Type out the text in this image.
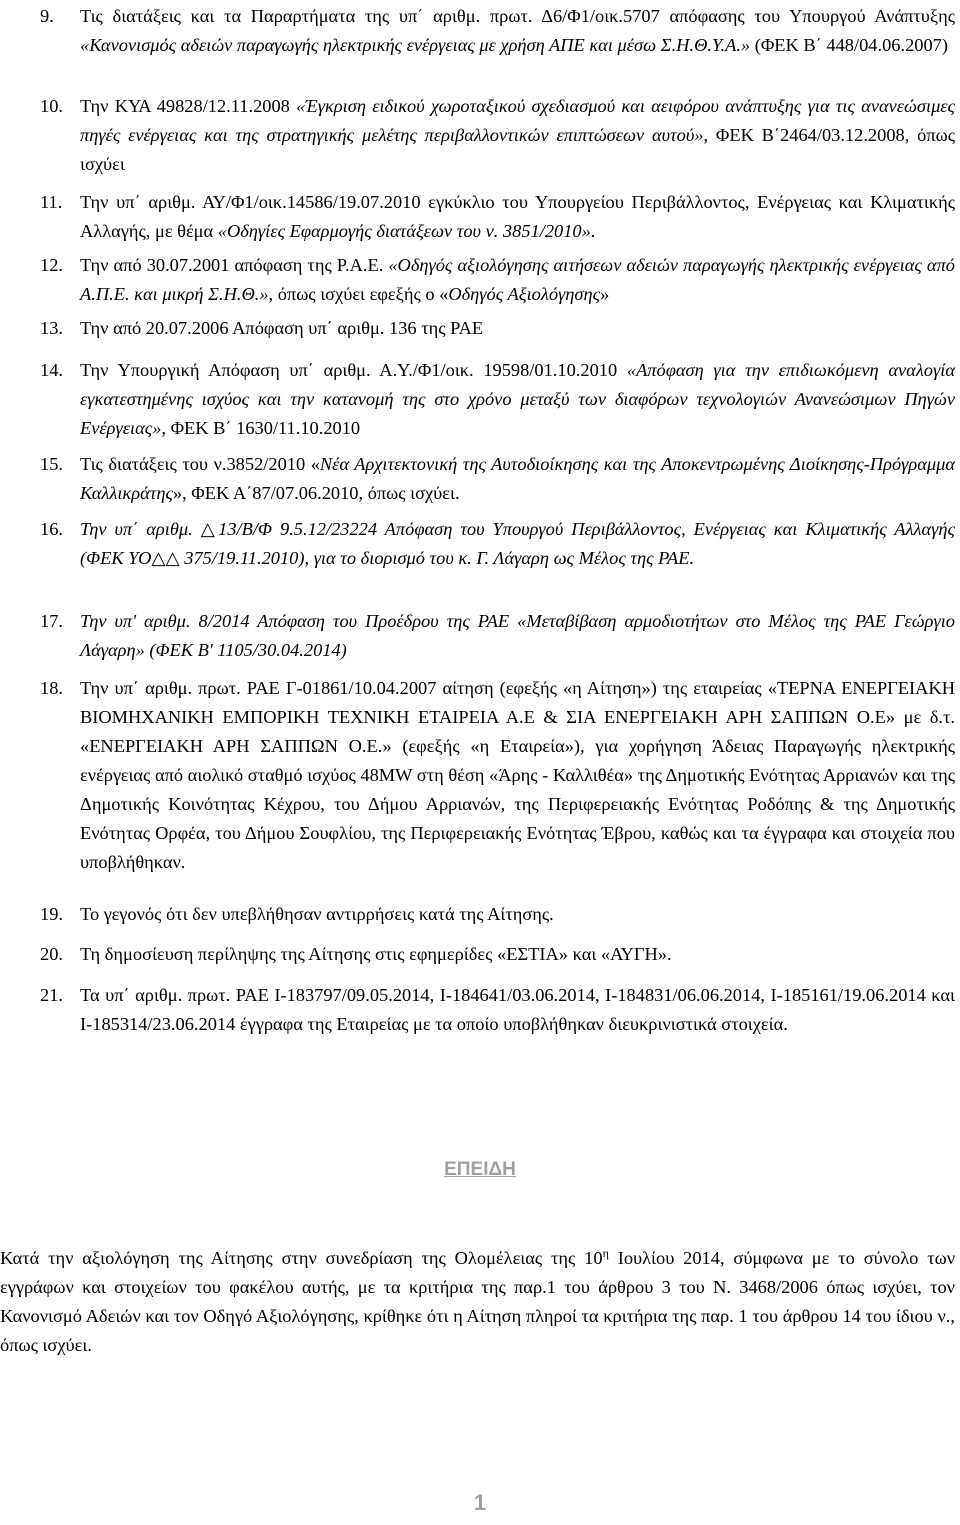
9.	Τις διατάξεις και τα Παραρτήματα της υπ΄ αριθμ. πρωτ. Δ6/Φ1/οικ.5707 απόφασης του Υπουργού Ανάπτυξης «Κανονισμός αδειών παραγωγής ηλεκτρικής ενέργειας με χρήση ΑΠΕ και μέσω Σ.Η.Θ.Υ.Α.» (ΦΕΚ Β΄ 448/04.06.2007)
10. Την ΚΥΑ 49828/12.11.2008 «Έγκριση ειδικού χωροταξικού σχεδιασμού και αειφόρου ανάπτυξης για τις ανανεώσιμες πηγές ενέργειας και της στρατηγικής μελέτης περιβαλλοντικών επιπτώσεων αυτού», ΦΕΚ Β΄2464/03.12.2008, όπως ισχύει
11. Την υπ΄ αριθμ. ΑΥ/Φ1/οικ.14586/19.07.2010 εγκύκλιο του Υπουργείου Περιβάλλοντος, Ενέργειας και Κλιματικής Αλλαγής, με θέμα «Οδηγίες Εφαρμογής διατάξεων του ν. 3851/2010».
12. Την από 30.07.2001 απόφαση της Ρ.Α.Ε. «Οδηγός αξιολόγησης αιτήσεων αδειών παραγωγής ηλεκτρικής ενέργειας από Α.Π.Ε. και μικρή Σ.Η.Θ.», όπως ισχύει εφεξής ο «Οδηγός Αξιολόγησης»
13. Την από 20.07.2006 Απόφαση υπ΄ αριθμ. 136 της ΡΑΕ
14. Την Υπουργική Απόφαση υπ΄ αριθμ. Α.Υ./Φ1/οικ. 19598/01.10.2010 «Απόφαση για την επιδιωκόμενη αναλογία εγκατεστημένης ισχύος και την κατανομή της στο χρόνο μεταξύ των διαφόρων τεχνολογιών Ανανεώσιμων Πηγών Ενέργειας», ΦΕΚ Β΄ 1630/11.10.2010
15. Τις διατάξεις του ν.3852/2010 «Νέα Αρχιτεκτονική της Αυτοδιοίκησης και της Αποκεντρωμένης Διοίκησης-Πρόγραμμα Καλλικράτης», ΦΕΚ Α΄87/07.06.2010, όπως ισχύει.
16. Την υπ΄ αριθμ. △13/Β/Φ 9.5.12/23224 Απόφαση του Υπουργού Περιβάλλοντος, Ενέργειας και Κλιματικής Αλλαγής (ΦΕΚ ΥΟ△△ 375/19.11.2010), για το διορισμό του κ. Γ. Λάγαρη ως Μέλος της ΡΑΕ.
17. Την υπ' αριθμ. 8/2014 Απόφαση του Προέδρου της ΡΑΕ «Μεταβίβαση αρμοδιοτήτων στο Μέλος της ΡΑΕ Γεώργιο Λάγαρη» (ΦΕΚ Β' 1105/30.04.2014)
18. Την υπ΄ αριθμ. πρωτ. ΡΑΕ Γ-01861/10.04.2007 αίτηση (εφεξής «η Αίτηση») της εταιρείας «ΤΕΡΝΑ ΕΝΕΡΓΕΙΑΚΗ ΒΙΟΜΗΧΑΝΙΚΗ ΕΜΠΟΡΙΚΗ ΤΕΧΝΙΚΗ ΕΤΑΙΡΕΙΑ Α.Ε & ΣΙΑ ΕΝΕΡΓΕΙΑΚΗ ΑΡΗ ΣΑΠΠΩΝ Ο.Ε» με δ.τ. «ΕΝΕΡΓΕΙΑΚΗ ΑΡΗ ΣΑΠΠΩΝ Ο.Ε.» (εφεξής «η Εταιρεία»), για χορήγηση Άδειας Παραγωγής ηλεκτρικής ενέργειας από αιολικό σταθμό ισχύος 48MW στη θέση «Άρης - Καλλιθέα» της Δημοτικής Ενότητας Αρριανών και της Δημοτικής Κοινότητας Κέχρου, του Δήμου Αρριανών, της Περιφερειακής Ενότητας Ροδόπης & της Δημοτικής Ενότητας Ορφέα, του Δήμου Σουφλίου, της Περιφερειακής Ενότητας Έβρου, καθώς και τα έγγραφα και στοιχεία που υποβλήθηκαν.
19. Το γεγονός ότι δεν υπεβλήθησαν αντιρρήσεις κατά της Αίτησης.
20. Τη δημοσίευση περίληψης της Αίτησης στις εφημερίδες «ΕΣΤΙΑ» και «ΑΥΓΗ».
21. Τα υπ΄ αριθμ. πρωτ. ΡΑΕ Ι-183797/09.05.2014, Ι-184641/03.06.2014, Ι-184831/06.06.2014, Ι-185161/19.06.2014 και Ι-185314/23.06.2014 έγγραφα της Εταιρείας με τα οποίο υποβλήθηκαν διευκρινιστικά στοιχεία.
ΕΠΕΙΔΗ
Κατά την αξιολόγηση της Αίτησης στην συνεδρίαση της Ολομέλειας της $10^\eta$ Ιουλίου 2014, σύμφωνα με το σύνολο των εγγράφων και στοιχείων του φακέλου αυτής, με τα κριτήρια της παρ.1 του άρθρου 3 του Ν. 3468/2006 όπως ισχύει, τον Κανονισμό Αδειών και τον Οδηγό Αξιολόγησης, κρίθηκε ότι η Αίτηση πληροί τα κριτήρια της παρ. 1 του άρθρου 14 του ίδιου ν., όπως ισχύει.
1
